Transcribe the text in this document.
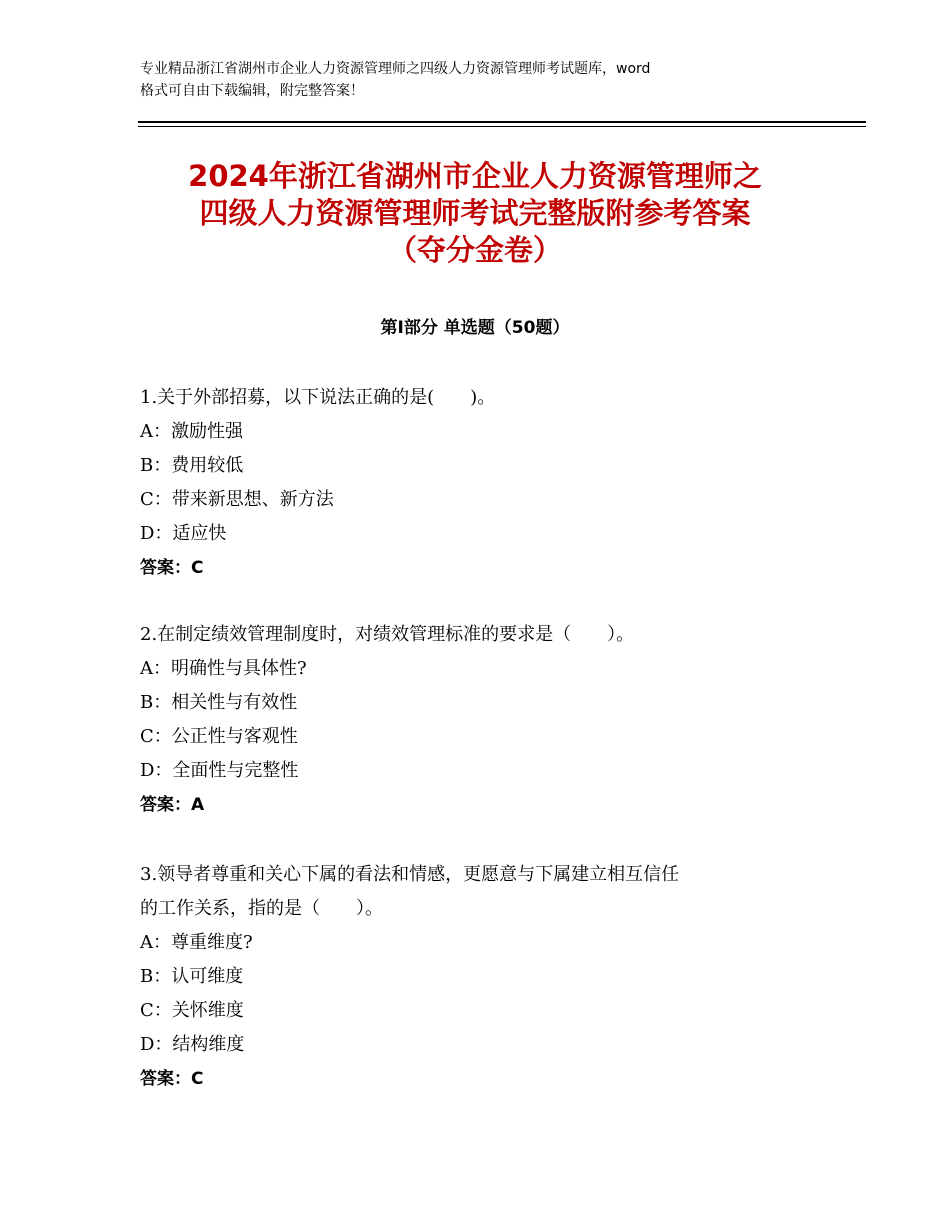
专业精品浙江省湖州市企业人力资源管理师之四级人力资源管理师考试题库，word
格式可自由下载编辑，附完整答案！
2024年浙江省湖州市企业人力资源管理师之
四级人力资源管理师考试完整版附参考答案
（夺分金卷）
第Ⅰ部分 单选题（50题）

1.关于外部招募，以下说法正确的是(　　)。

A：激励性强

B：费用较低

C：带来新思想、新方法

D：适应快

答案：C

2.在制定绩效管理制度时，对绩效管理标准的要求是（　　）。

A：明确性与具体性?

B：相关性与有效性

C：公正性与客观性

D：全面性与完整性

答案：A

3.领导者尊重和关心下属的看法和情感，更愿意与下属建立相互信任

的工作关系，指的是（　　）。

A：尊重维度?

B：认可维度

C：关怀维度

D：结构维度

答案：C
